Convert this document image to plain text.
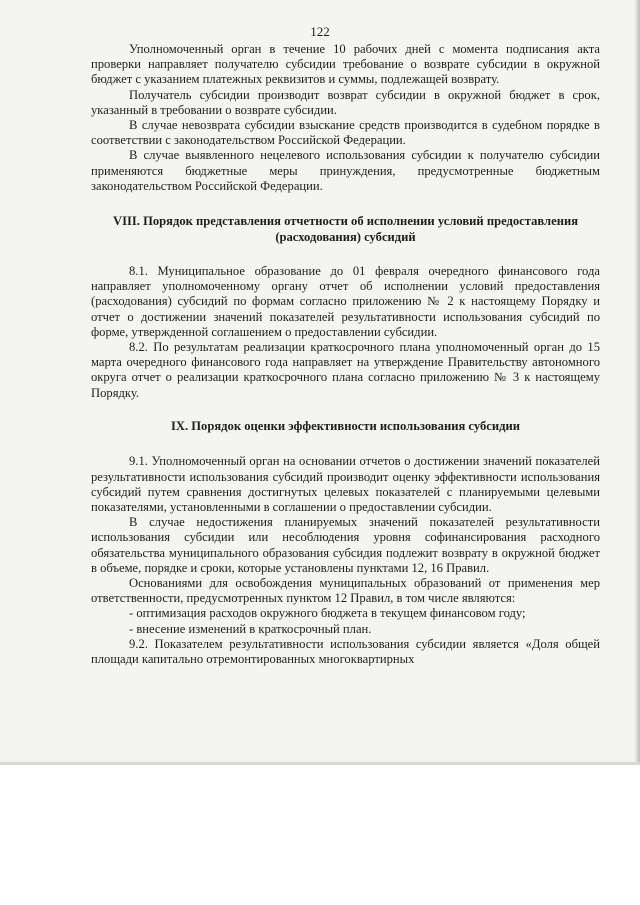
122

Уполномоченный орган в течение 10 рабочих дней с момента подписания акта проверки направляет получателю субсидии требование о возврате субсидии в окружной бюджет с указанием платежных реквизитов и суммы, подлежащей возврату.

Получатель субсидии производит возврат субсидии в окружной бюджет в срок, указанный в требовании о возврате субсидии.

В случае невозврата субсидии взыскание средств производится в судебном порядке в соответствии с законодательством Российской Федерации.

В случае выявленного нецелевого использования субсидии к получателю субсидии применяются бюджетные меры принуждения, предусмотренные бюджетным законодательством Российской Федерации.

VIII. Порядок представления отчетности об исполнении условий предоставления (расходования) субсидий

8.1. Муниципальное образование до 01 февраля очередного финансового года направляет уполномоченному органу отчет об исполнении условий предоставления (расходования) субсидий по формам согласно приложению № 2 к настоящему Порядку и отчет о достижении значений показателей результативности использования субсидий по форме, утвержденной соглашением о предоставлении субсидии.

8.2. По результатам реализации краткосрочного плана уполномоченный орган до 15 марта очередного финансового года направляет на утверждение Правительству автономного округа отчет о реализации краткосрочного плана согласно приложению № 3 к настоящему Порядку.

IX. Порядок оценки эффективности использования субсидии

9.1. Уполномоченный орган на основании отчетов о достижении значений показателей результативности использования субсидий производит оценку эффективности использования субсидий путем сравнения достигнутых целевых показателей с планируемыми целевыми показателями, установленными в соглашении о предоставлении субсидии.

В случае недостижения планируемых значений показателей результативности использования субсидии или несоблюдения уровня софинансирования расходного обязательства муниципального образования субсидия подлежит возврату в окружной бюджет в объеме, порядке и сроки, которые установлены пунктами 12, 16 Правил.

Основаниями для освобождения муниципальных образований от применения мер ответственности, предусмотренных пунктом 12 Правил, в том числе являются:

- оптимизация расходов окружного бюджета в текущем финансовом году;

- внесение изменений в краткосрочный план.

9.2. Показателем результативности использования субсидии является «Доля общей площади капитально отремонтированных многоквартирных
